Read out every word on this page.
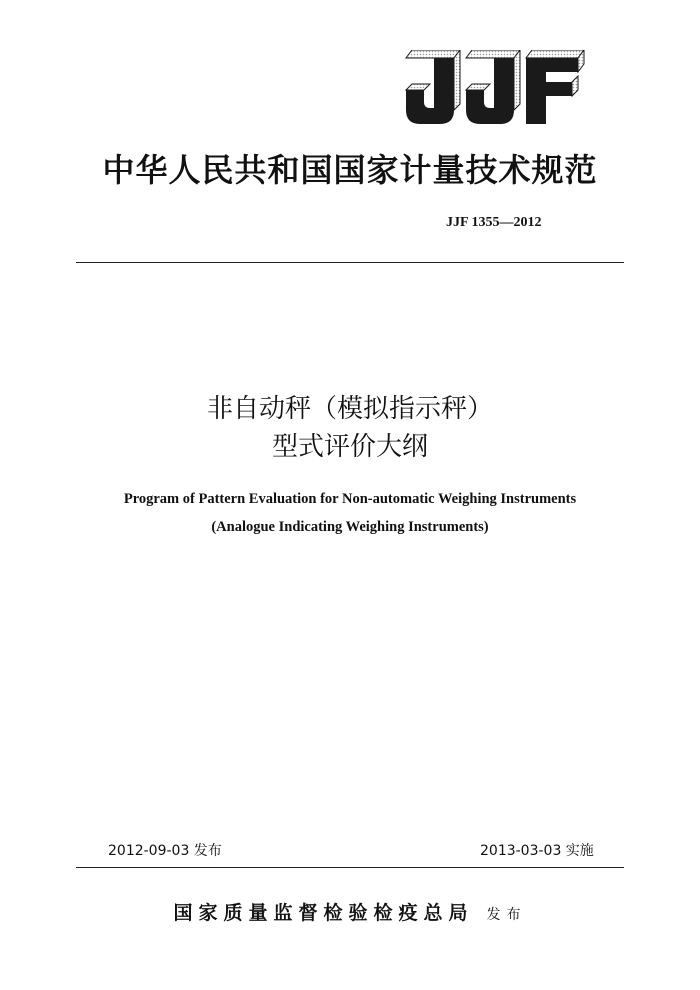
中华人民共和国国家计量技术规范
JJF 1355—2012
非自动秤（模拟指示秤）
型式评价大纲
Program of Pattern Evaluation for Non-automatic Weighing Instruments
(Analogue Indicating Weighing Instruments)
2012-09-03 发布	2013-03-03 实施
国家质量监督检验检疫总局 发布
